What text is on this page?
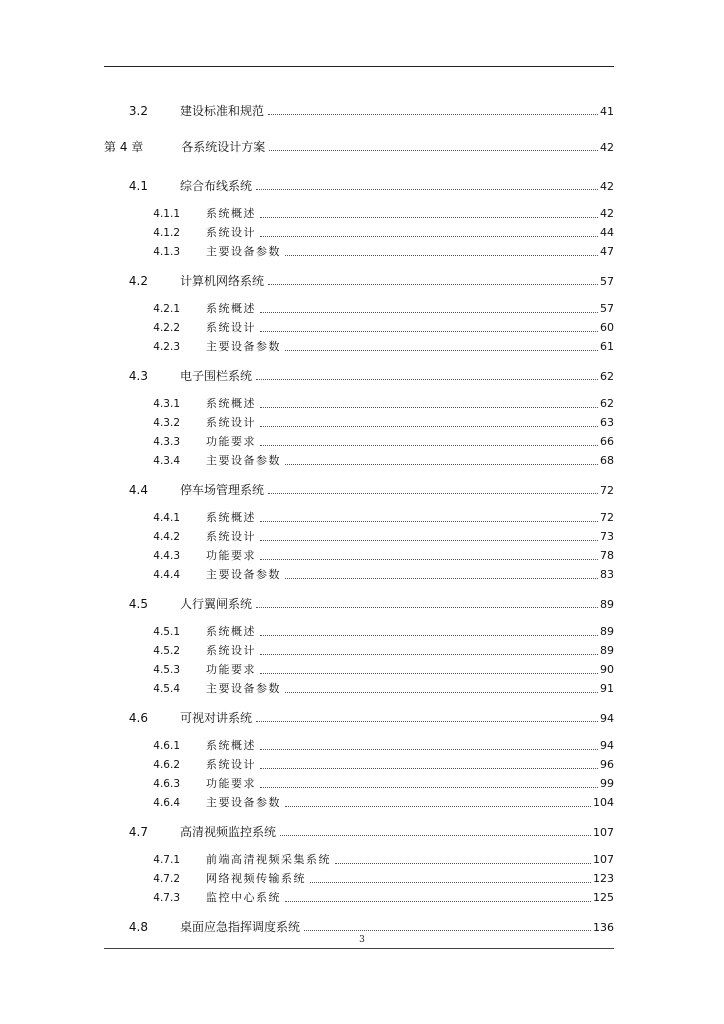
3.2	建设标准和规范	41
第 4 章	各系统设计方案	42
4.1	综合布线系统	42
4.1.1 系统概述	42
4.1.2 系统设计	44
4.1.3 主要设备参数	47
4.2	计算机网络系统	57
4.2.1 系统概述	57
4.2.2 系统设计	60
4.2.3 主要设备参数	61
4.3	电子围栏系统	62
4.3.1 系统概述	62
4.3.2 系统设计	63
4.3.3 功能要求	66
4.3.4 主要设备参数	68
4.4	停车场管理系统	72
4.4.1 系统概述	72
4.4.2 系统设计	73
4.4.3 功能要求	78
4.4.4 主要设备参数	83
4.5	人行翼闸系统	89
4.5.1 系统概述	89
4.5.2 系统设计	89
4.5.3 功能要求	90
4.5.4 主要设备参数	91
4.6	可视对讲系统	94
4.6.1 系统概述	94
4.6.2 系统设计	96
4.6.3 功能要求	99
4.6.4 主要设备参数	104
4.7	高清视频监控系统	107
4.7.1 前端高清视频采集系统	107
4.7.2 网络视频传输系统	123
4.7.3 监控中心系统	125
4.8	桌面应急指挥调度系统	136
3
